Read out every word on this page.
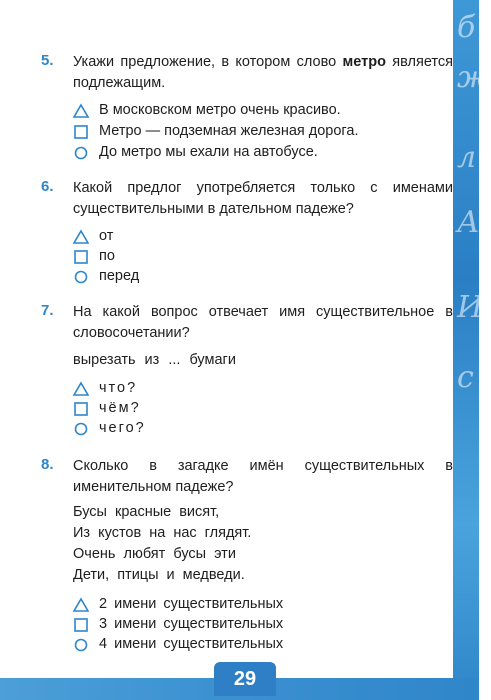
5. Укажи предложение, в котором слово метро является подлежащим.
В московском метро очень красиво.
Метро — подземная железная дорога.
До метро мы ехали на автобусе.
6. Какой предлог употребляется только с именами существительными в дательном падеже?
от
по
перед
7. На какой вопрос отвечает имя существительное в словосочетании?
вырезать из ... бумаги
что?
чём?
чего?
8. Сколько в загадке имён существительных в именительном падеже?
Бусы красные висят,
Из кустов на нас глядят.
Очень любят бусы эти
Дети, птицы и медведи.
2 имени существительных
3 имени существительных
4 имени существительных
б
ж
л
А
И
с
29
